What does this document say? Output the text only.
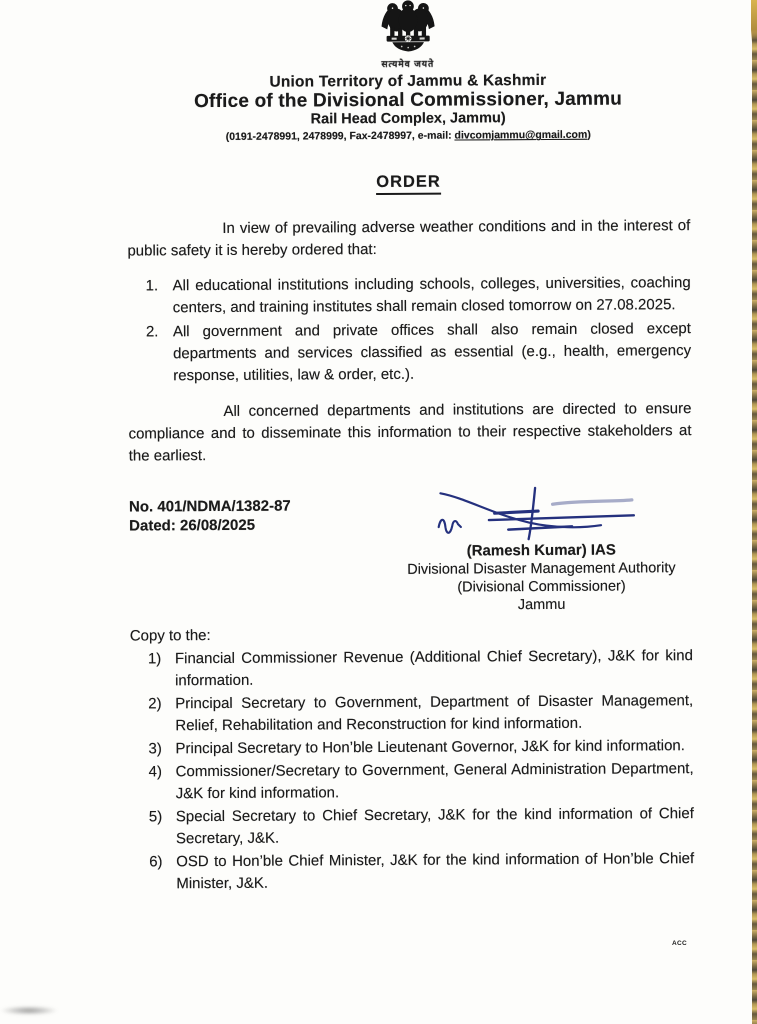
सत्यमेव जयते
Union Territory of Jammu & Kashmir
Office of the Divisional Commissioner, Jammu
Rail Head Complex, Jammu)
(0191-2478991, 2478999, Fax-2478997, e-mail: divcomjammu@gmail.com)
ORDER

In view of prevailing adverse weather conditions and in the interest of public safety it is hereby ordered that:

1. All educational institutions including schools, colleges, universities, coaching centers, and training institutes shall remain closed tomorrow on 27.08.2025.
2. All government and private offices shall also remain closed except departments and services classified as essential (e.g., health, emergency response, utilities, law & order, etc.).

All concerned departments and institutions are directed to ensure compliance and to disseminate this information to their respective stakeholders at the earliest.

No. 401/NDMA/1382-87
Dated: 26/08/2025
(Ramesh Kumar) IAS
Divisional Disaster Management Authority
(Divisional Commissioner)
Jammu
Copy to the:
1) Financial Commissioner Revenue (Additional Chief Secretary), J&K for kind information.
2) Principal Secretary to Government, Department of Disaster Management, Relief, Rehabilitation and Reconstruction for kind information.
3) Principal Secretary to Hon’ble Lieutenant Governor, J&K for kind information.
4) Commissioner/Secretary to Government, General Administration Department, J&K for kind information.
5) Special Secretary to Chief Secretary, J&K for the kind information of Chief Secretary, J&K.
6) OSD to Hon’ble Chief Minister, J&K for the kind information of Hon’ble Chief Minister, J&K.
ACC
